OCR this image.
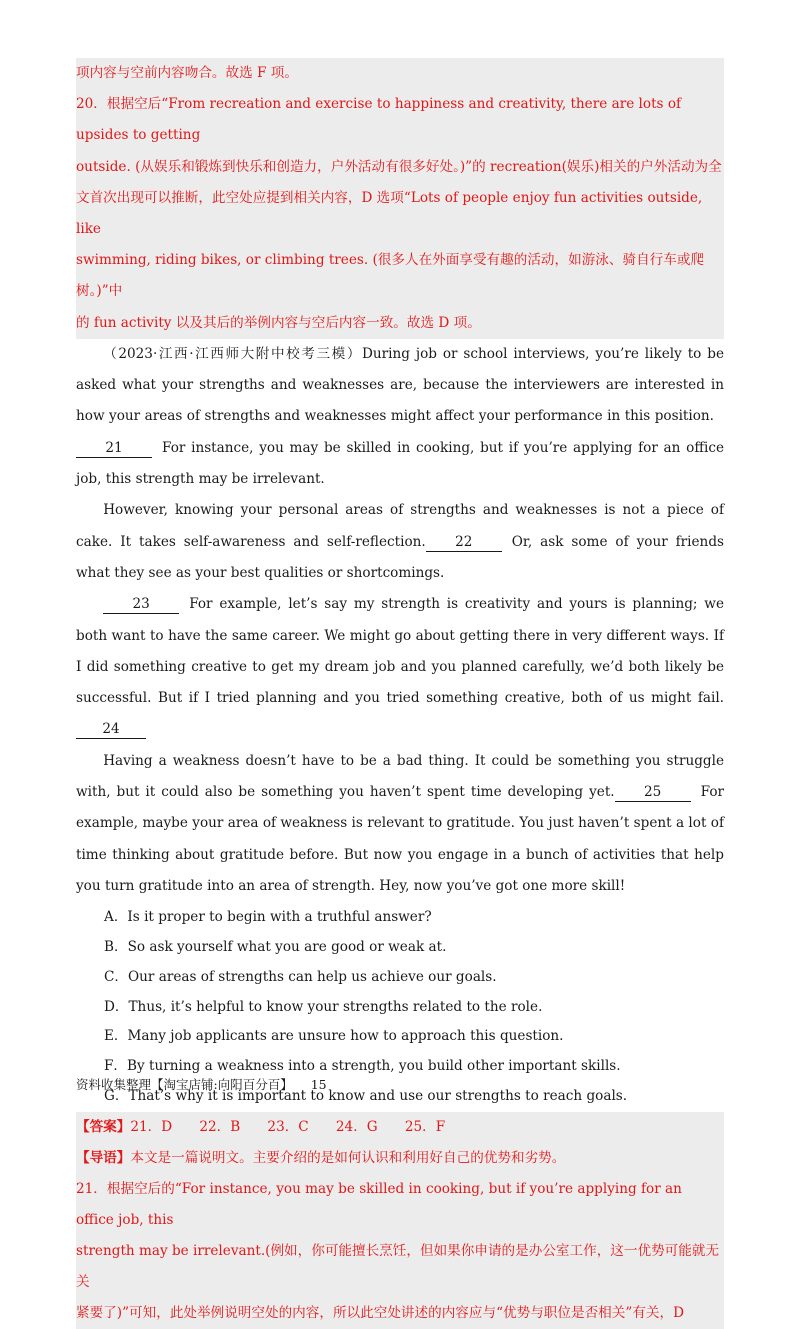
项内容与空前内容吻合。故选 F 项。

20．根据空后“From recreation and exercise to happiness and creativity, there are lots of upsides to getting

outside. (从娱乐和锻炼到快乐和创造力，户外活动有很多好处。)”的 recreation(娱乐)相关的户外活动为全

文首次出现可以推断，此空处应提到相关内容，D 选项“Lots of people enjoy fun activities outside, like

swimming, riding bikes, or climbing trees. (很多人在外面享受有趣的活动，如游泳、骑自行车或爬树。)”中

的 fun activity 以及其后的举例内容与空后内容一致。故选 D 项。

（2023·江西·江西师大附中校考三模）During job or school interviews, you’re likely to be asked what your strengths and weaknesses are, because the interviewers are interested in how your areas of strengths and weaknesses might affect your performance in this position.21	For instance, you may be skilled in cooking, but if you’re applying for an office job, this strength may be irrelevant.

However, knowing your personal areas of strengths and weaknesses is not a piece of cake. It takes self-awareness and self-reflection. 22	Or, ask some of your friends what they see as your best qualities or shortcomings.

23	For example, let’s say my strength is creativity and yours is planning; we both want to have the same career. We might go about getting there in very different ways. If I did something creative to get my dream job and you planned carefully, we’d both likely be successful. But if I tried planning and you tried something creative, both of us might fail.24

Having a weakness doesn’t have to be a bad thing. It could be something you struggle with, but it could also be something you haven’t spent time developing yet. 25	For example, maybe your area of weakness is relevant to gratitude. You just haven’t spent a lot of time thinking about gratitude before. But now you engage in a bunch of activities that help you turn gratitude into an area of strength. Hey, now you’ve got one more skill!

A．Is it proper to begin with a truthful answer?

B．So ask yourself what you are good or weak at.

C．Our areas of strengths can help us achieve our goals.

D．Thus, it’s helpful to know your strengths related to the role.

E．Many job applicants are unsure how to approach this question.

F．By turning a weakness into a strength, you build other important skills.

G．That’s why it is important to know and use our strengths to reach goals.

【答案】21．D　　22．B　　23．C　　24．G　　25．F

【导语】本文是一篇说明文。主要介绍的是如何认识和利用好自己的优势和劣势。

21．根据空后的“For instance, you may be skilled in cooking, but if you’re applying for an office job, this

strength may be irrelevant.(例如，你可能擅长烹饪，但如果你申请的是办公室工作，这一优势可能就无关

紧要了)”可知，此处举例说明空处的内容，所以此空处讲述的内容应与“优势与职位是否相关”有关，D

资料收集整理【淘宝店铺:向阳百分百】 15
